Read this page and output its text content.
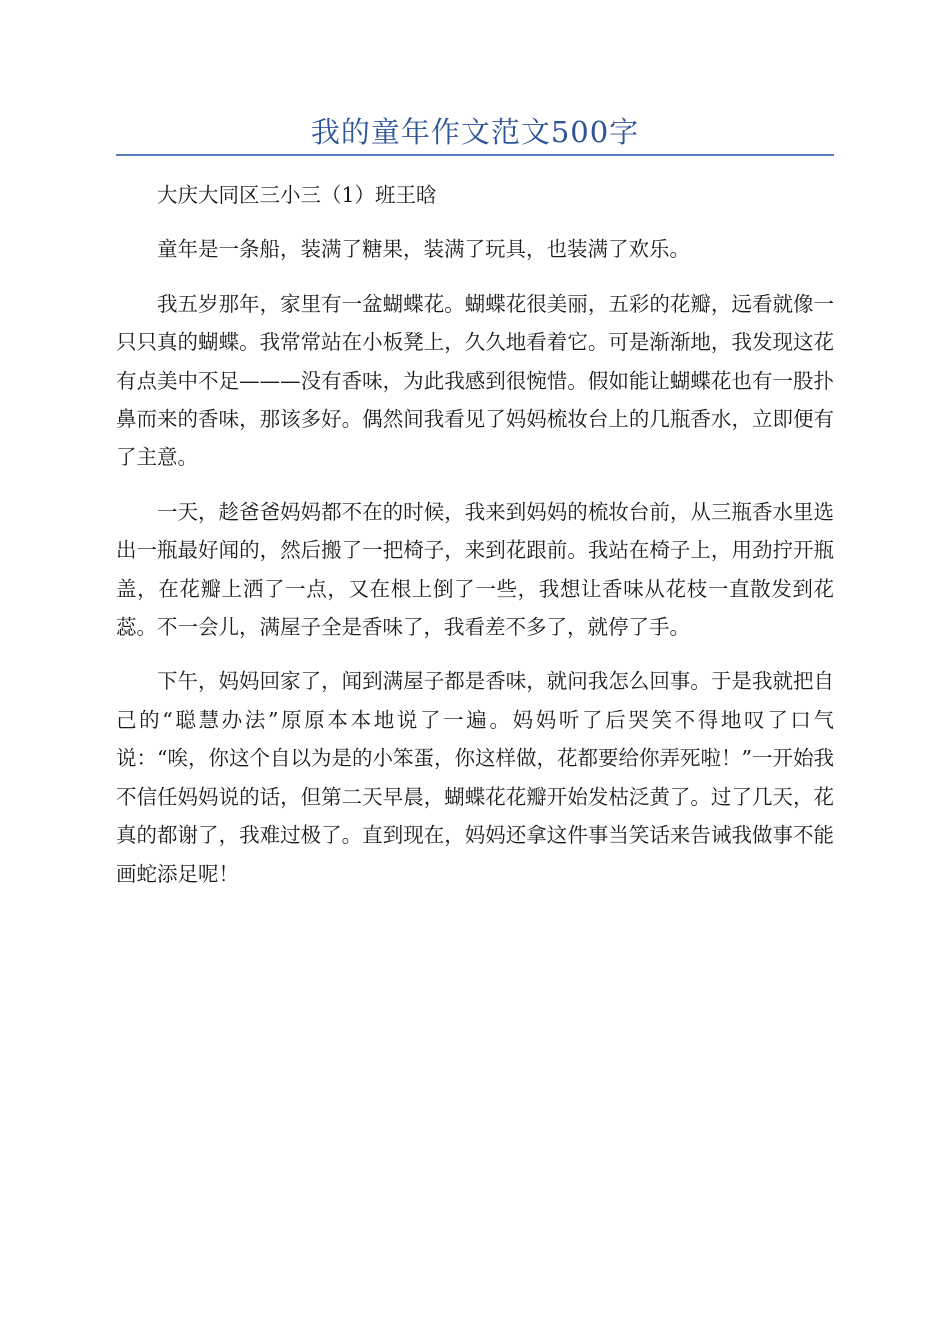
我的童年作文范文500字

大庆大同区三小三（1）班王晗

童年是一条船，装满了糖果，装满了玩具，也装满了欢乐。

我五岁那年，家里有一盆蝴蝶花。蝴蝶花很美丽，五彩的花瓣，远看就像一只只真的蝴蝶。我常常站在小板凳上，久久地看着它。可是渐渐地，我发现这花有点美中不足———没有香味，为此我感到很惋惜。假如能让蝴蝶花也有一股扑鼻而来的香味，那该多好。偶然间我看见了妈妈梳妆台上的几瓶香水，立即便有了主意。

一天，趁爸爸妈妈都不在的时候，我来到妈妈的梳妆台前，从三瓶香水里选出一瓶最好闻的，然后搬了一把椅子，来到花跟前。我站在椅子上，用劲拧开瓶盖，在花瓣上洒了一点，又在根上倒了一些，我想让香味从花枝一直散发到花蕊。不一会儿，满屋子全是香味了，我看差不多了，就停了手。

下午，妈妈回家了，闻到满屋子都是香味，就问我怎么回事。于是我就把自己的“聪慧办法”原原本本地说了一遍。妈妈听了后哭笑不得地叹了口气说：“唉，你这个自以为是的小笨蛋，你这样做，花都要给你弄死啦！”一开始我不信任妈妈说的话，但第二天早晨，蝴蝶花花瓣开始发枯泛黄了。过了几天，花真的都谢了，我难过极了。直到现在，妈妈还拿这件事当笑话来告诫我做事不能画蛇添足呢！
